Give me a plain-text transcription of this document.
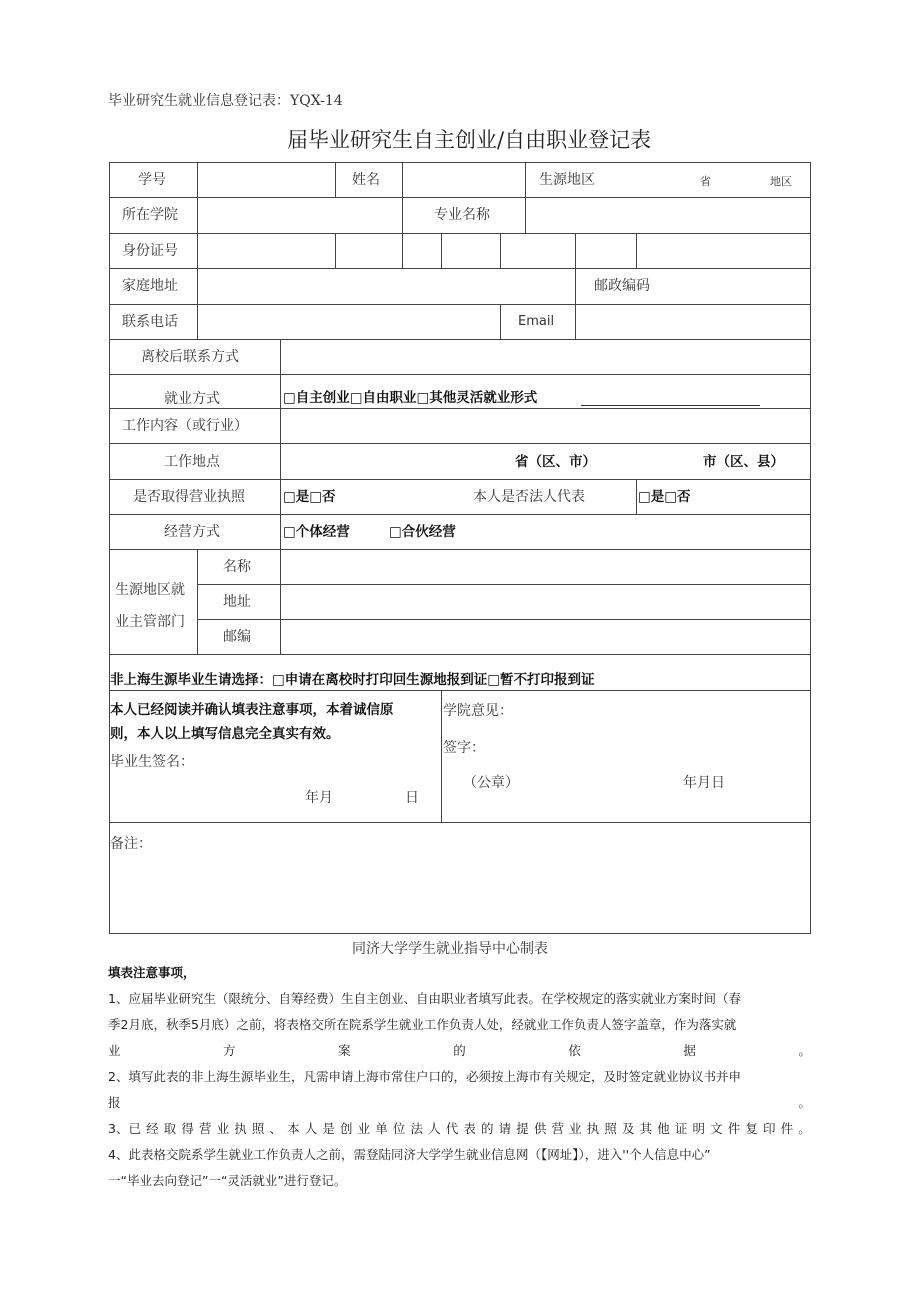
毕业研究生就业信息登记表：YQX-14
届毕业研究生自主创业/自由职业登记表
学号	姓名	生源地区	省	地区
所在学院	专业名称
身份证号
家庭地址	邮政编码
联系电话	Email
离校后联系方式
就业方式	□自主创业□自由职业□其他灵活就业形式
工作内容（或行业）
工作地点	省（区、市）	市（区、县）
是否取得营业执照	□是□否	本人是否法人代表	□是□否
经营方式	□个体经营	□合伙经营
生源地区就
业主管部门
名称
地址
邮编
非上海生源毕业生请选择：□申请在离校时打印回生源地报到证□暂不打印报到证
本人已经阅读并确认填表注意事项，本着诚信原
则，本人以上填写信息完全真实有效。
毕业生签名：
年月	日
学院意见：
签字：
（公章）	年月日
备注：
同济大学学生就业指导中心制表

填表注意事项，

1、应届毕业研究生（限统分、自筹经费）生自主创业、自由职业者填写此表。在学校规定的落实就业方案时间（春

季2月底，秋季5月底）之前，将表格交所在院系学生就业工作负责人处，经就业工作负责人签字盖章，作为落实就

业	方	案	的	依	据	。

2、填写此表的非上海生源毕业生，凡需申请上海市常住户口的，必须按上海市有关规定，及时签定就业协议书并申

报	。

3、已 经 取 得 营 业 执 照 、 本 人 是 创 业 单 位 法 人 代 表 的 请 提 供 营 业 执 照 及 其 他 证 明 文 件 复 印 件 。

4、此表格交院系学生就业工作负责人之前，需登陆同济大学学生就业信息网（【网址】），进入''个人信息中心”

一“毕业去向登记”一“灵活就业”进行登记。
